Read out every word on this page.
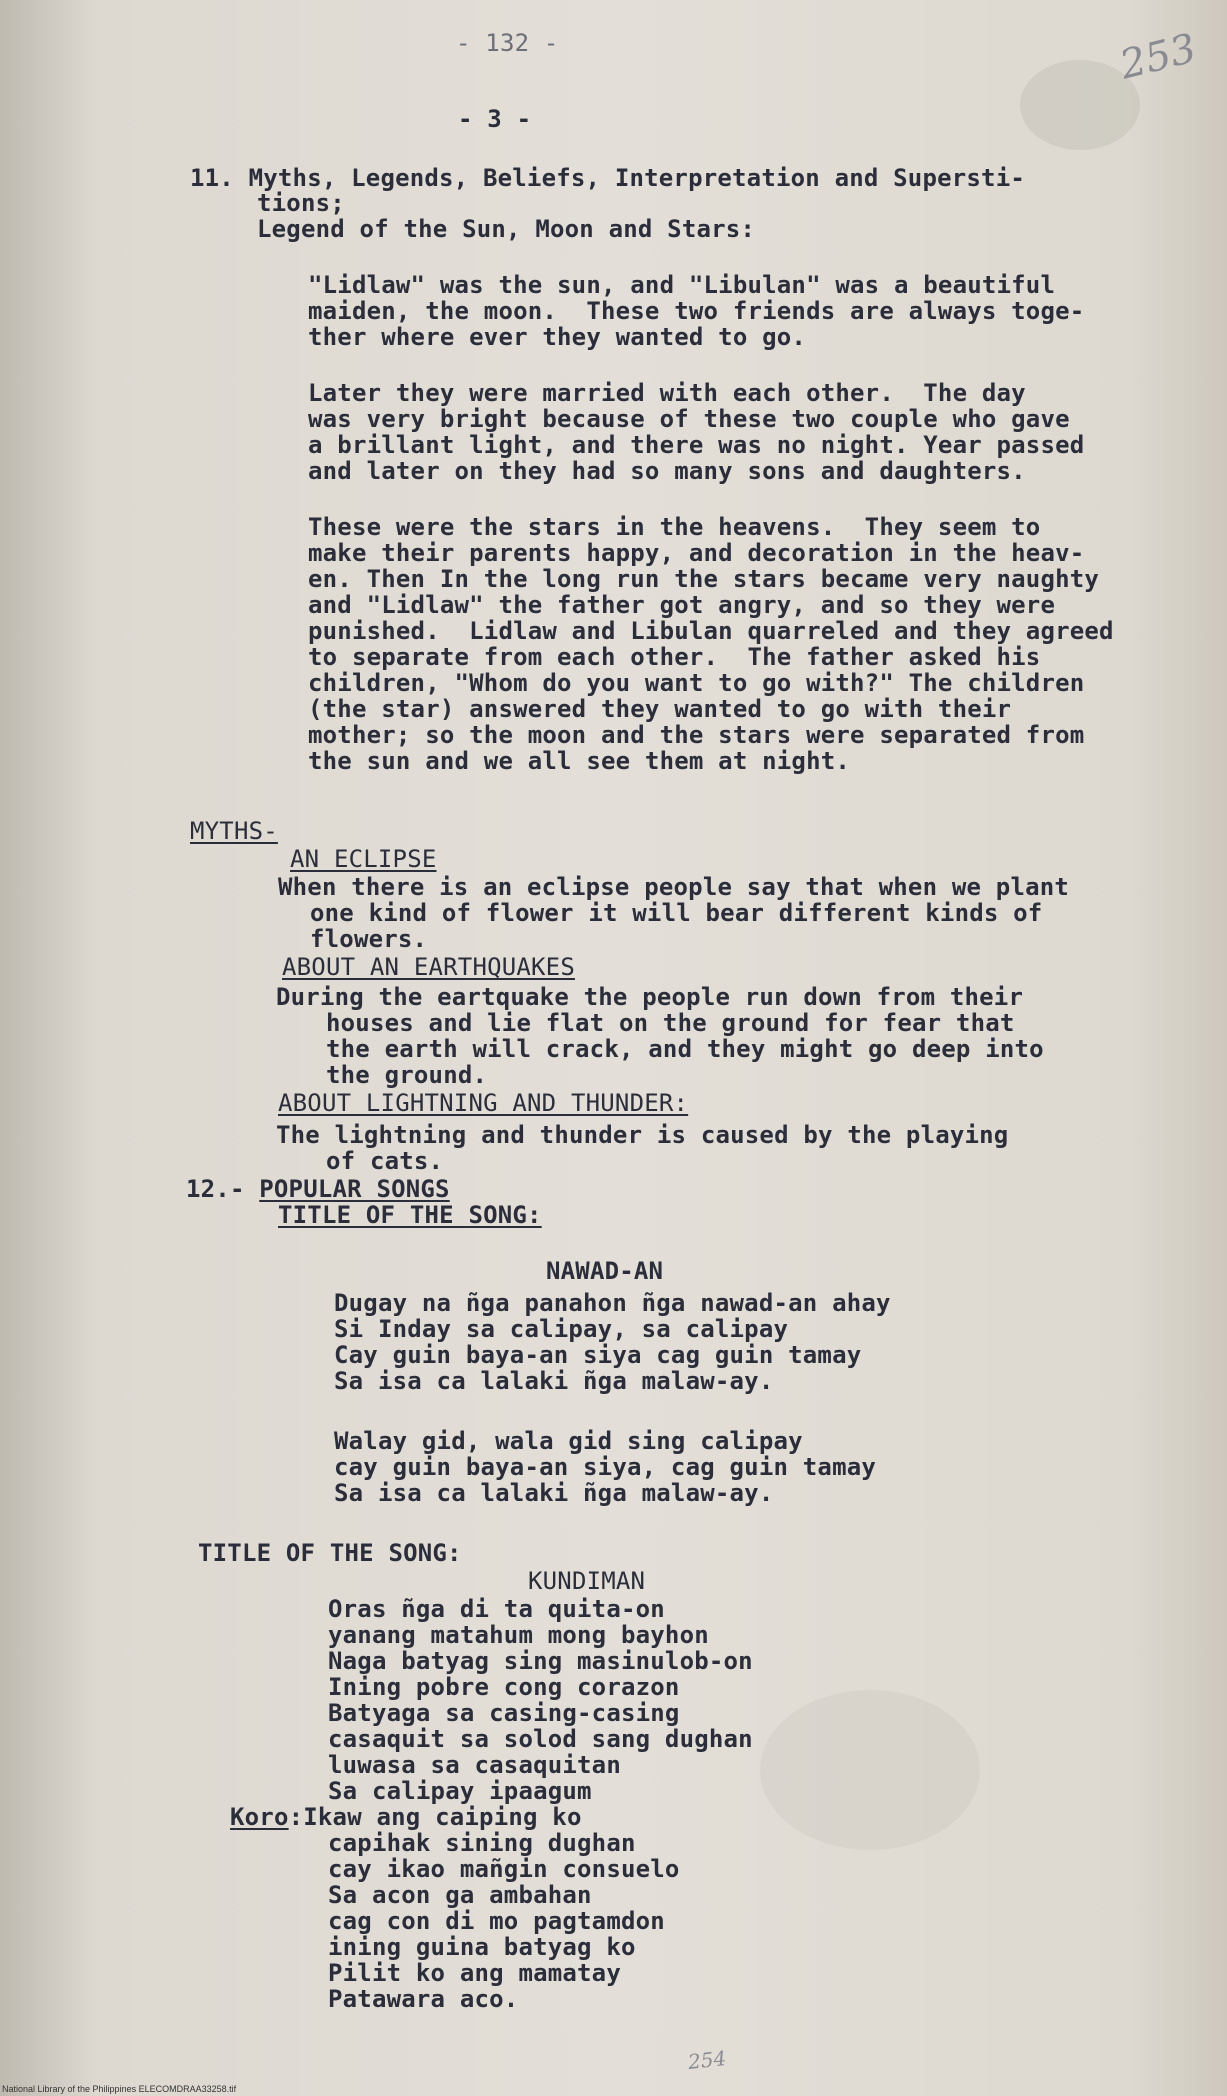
- 132 -	253
- 3 -
11. Myths, Legends, Beliefs, Interpretation and Supersti-
tions;
Legend of the Sun, Moon and Stars:
"Lidlaw" was the sun, and "Libulan" was a beautiful
maiden, the moon.  These two friends are always toge-
ther where ever they wanted to go.
Later they were married with each other.  The day
was very bright because of these two couple who gave
a brillant light, and there was no night. Year passed
and later on they had so many sons and daughters.
These were the stars in the heavens.  They seem to
make their parents happy, and decoration in the heav-
en. Then In the long run the stars became very naughty
and "Lidlaw" the father got angry, and so they were
punished.  Lidlaw and Libulan quarreled and they agreed
to separate from each other.  The father asked his
children, "Whom do you want to go with?" The children
(the star) answered they wanted to go with their
mother; so the moon and the stars were separated from
the sun and we all see them at night.
MYTHS-
AN ECLIPSE
When there is an eclipse people say that when we plant
one kind of flower it will bear different kinds of
flowers.
ABOUT AN EARTHQUAKES
During the eartquake the people run down from their
houses and lie flat on the ground for fear that
the earth will crack, and they might go deep into
the ground.
ABOUT LIGHTNING AND THUNDER:
The lightning and thunder is caused by the playing
of cats.
12.- POPULAR SONGS
TITLE OF THE SONG:
NAWAD-AN
Dugay na ñga panahon ñga nawad-an ahay
Si Inday sa calipay, sa calipay
Cay guin baya-an siya cag guin tamay
Sa isa ca lalaki ñga malaw-ay.
Walay gid, wala gid sing calipay
cay guin baya-an siya, cag guin tamay
Sa isa ca lalaki ñga malaw-ay.
TITLE OF THE SONG:
KUNDIMAN
Oras ñga di ta quita-on
yanang matahum mong bayhon
Naga batyag sing masinulob-on
Ining pobre cong corazon
Batyaga sa casing-casing
casaquit sa solod sang dughan
luwasa sa casaquitan
Sa calipay ipaagum
Koro:Ikaw ang caiping ko
capihak sining dughan
cay ikao mañgin consuelo
Sa acon ga ambahan
cag con di mo pagtamdon
ining guina batyag ko
Pilit ko ang mamatay
Patawara aco.
254
National Library of the Philippines ELECOMDRAA33258.tif
